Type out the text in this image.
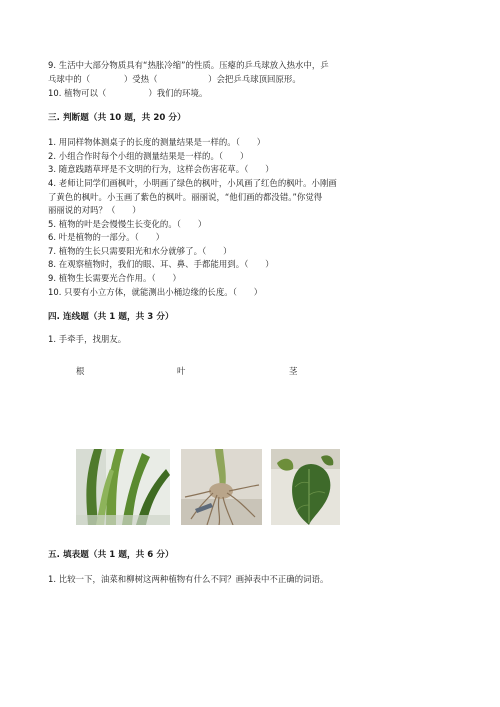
9. 生活中大部分物质具有“热胀冷缩”的性质。压瘪的乒乓球放入热水中，乒
乓球中的（　　　　）受热（　　　　　　）会把乒乓球顶回原形。
10. 植物可以（　　　　　）我们的环境。
三. 判断题（共 10 题，共 20 分）
1. 用同样物体测桌子的长度的测量结果是一样的。（　　）
2. 小组合作时每个小组的测量结果是一样的。（　　）
3. 随意践踏草坪是不文明的行为，这样会伤害花草。（　　）
4. 老师让同学们画枫叶，小明画了绿色的枫叶，小风画了红色的枫叶。小刚画
了黄色的枫叶。小玉画了紫色的枫叶。丽丽说，“他们画的都没错。”你觉得
丽丽说的对吗？（　　）
5. 植物的叶是会慢慢生长变化的。（　　）
6. 叶是植物的一部分。（　　）
7. 植物的生长只需要阳光和水分就够了。（　　）
8. 在观察植物时，我们的眼、耳、鼻、手都能用到。（　　）
9. 植物生长需要光合作用。（　　）
10. 只要有小立方体，就能测出小桶边缘的长度。（　　）
四. 连线题（共 1 题，共 3 分）
1. 手牵手，找朋友。
根	叶	茎
五. 填表题（共 1 题，共 6 分）
1. 比较一下，油菜和柳树这两种植物有什么不同？画掉表中不正确的词语。
